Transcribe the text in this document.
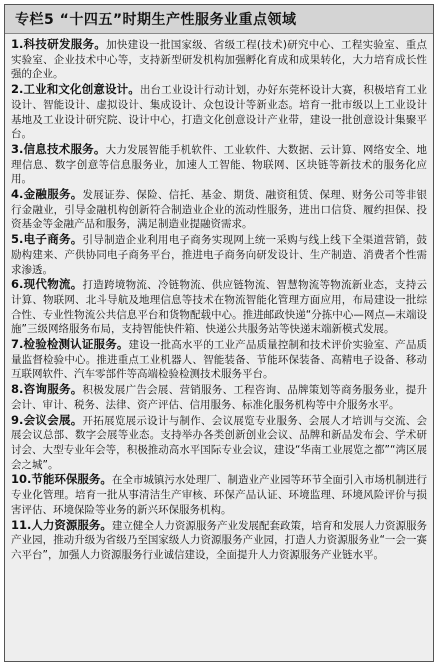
专栏5 “十四五”时期生产性服务业重点领域

1.科技研发服务。加快建设一批国家级、省级工程(技术)研究中心、工程实验室、重点实验室、企业技术中心等，支持新型研发机构加强孵化育成和成果转化，大力培育成长性强的企业。

2.工业和文化创意设计。出台工业设计行动计划，办好东莞杯设计大赛，积极培育工业设计、智能设计、虚拟设计、集成设计、众包设计等新业态。培育一批市级以上工业设计基地及工业设计研究院、设计中心，打造文化创意设计产业带，建设一批创意设计集聚平台。

3.信息技术服务。大力发展智能手机软件、工业软件、大数据、云计算、网络安全、地理信息、数字创意等信息服务业，加速人工智能、物联网、区块链等新技术的服务化应用。

4.金融服务。发展证券、保险、信托、基金、期货、融资租赁、保理、财务公司等非银行金融业，引导金融机构创新符合制造业企业的流动性服务，进出口信贷、履约担保、投资基金等金融产品和服务，满足制造业提融资需求。

5.电子商务。引导制造企业利用电子商务实现网上统一采购与线上线下全渠道营销，鼓励构建来、产供协同电子商务平台，推进电子商务向研发设计、生产制造、消费者个性需求渗透。

6.现代物流。打造跨境物流、冷链物流、供应链物流、智慧物流等物流新业态，支持云计算、物联网、北斗导航及地理信息等技术在物流智能化管理方面应用，布局建设一批综合性、专业性物流公共信息平台和货物配载中心。推进邮政快递“分拣中心—网点—末端设施”三级网络服务布局，支持智能快件箱、快递公共服务站等快递末端新模式发展。

7.检验检测认证服务。建设一批高水平的工业产品质量控制和技术评价实验室、产品质量监督检验中心。推进重点工业机器人、智能装备、节能环保装备、高精电子设备、移动互联网软件、汽车零部件等高端检验检测技术服务平台。

8.咨询服务。积极发展广告会展、营销服务、工程咨询、品牌策划等商务服务业，提升会计、审计、税务、法律、资产评估、信用服务、标准化服务机构等中介服务水平。

9.会议会展。开拓展览展示设计与制作、会议展览专业服务、会展人才培训与交流、会展会议总部、数字会展等业态。支持举办各类创新创业会议、品牌和新品发布会、学术研讨会、大型专业年会等，积极推动高水平国际专业会议，建设“华南工业展览之都”“湾区展会之城”。

10.节能环保服务。在全市城镇污水处理厂、制造业产业园等环节全面引入市场机制进行专业化管理。培育一批从事清洁生产审核、环保产品认证、环境监理、环境风险评价与损害评估、环境保险等业务的新兴环保服务机构。

11.人力资源服务。建立健全人力资源服务产业发展配套政策，培育和发展人力资源服务产业园，推动升级为省级乃至国家级人力资源服务产业园，打造人力资源服务业“一会一赛六平台”，加强人力资源服务行业诚信建设，全面提升人力资源服务产业链水平。
